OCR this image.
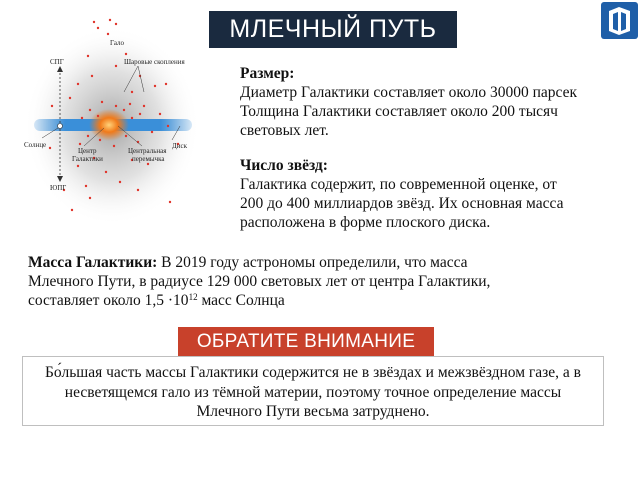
МЛЕЧНЫЙ ПУТЬ
Гало
Шаровые скопления
СПГ
ЮПГ
Солнце
Центр
Галактики
Центральная
перемычка
Диск
Размер:
Диаметр Галактики составляет около 30000 парсек
Толщина Галактики составляет около 200 тысяч
световых лет.
Число звёзд:
Галактика содержит, по современной оценке, от
200 до 400 миллиардов звёзд. Их основная масса
расположена в форме плоского диска.
Масса Галактики: В 2019 году астрономы определили, что масса
Млечного Пути, в радиусе 129 000 световых лет от центра Галактики,
составляет около $1,5 \cdot 10^{12}$ масс Солнца
ОБРАТИТЕ ВНИМАНИЕ
Бо́льшая часть массы Галактики содержится не в звёздах и межзвёздном газе, а в несветящемся гало из тёмной материи, поэтому точное определение массы Млечного Пути весьма затруднено.
